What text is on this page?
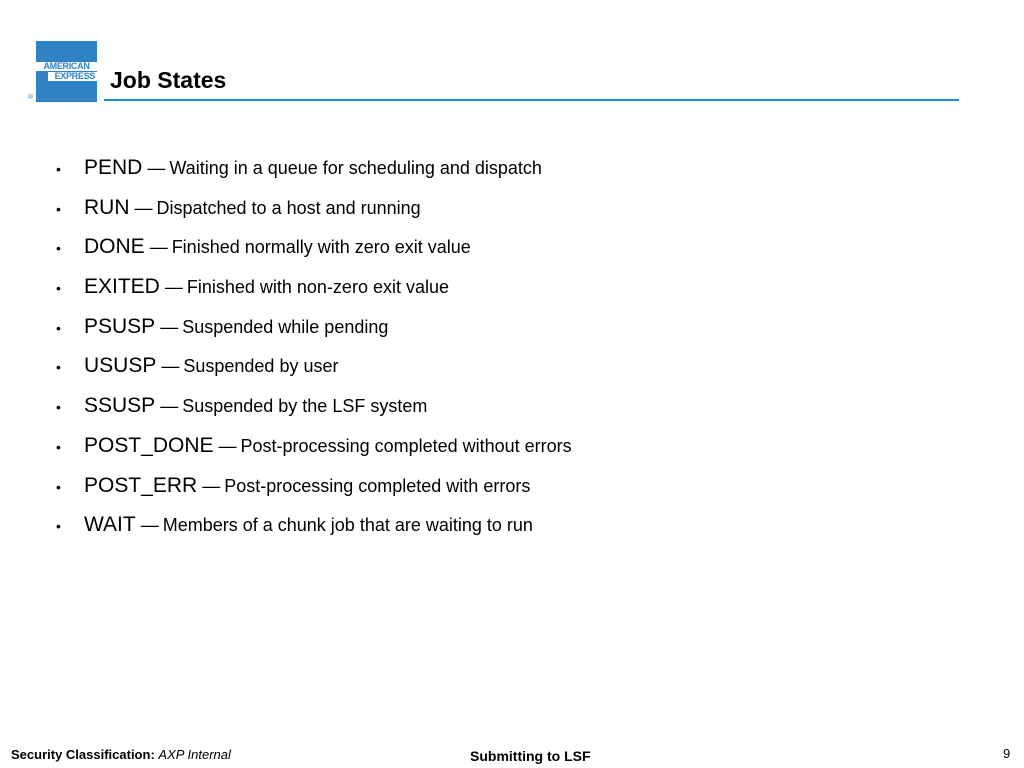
AMERICAN
EXPRESS
®
Job States
•	PEND — Waiting in a queue for scheduling and dispatch
•	RUN — Dispatched to a host and running
•	DONE — Finished normally with zero exit value
•	EXITED — Finished with non-zero exit value
•	PSUSP — Suspended while pending
•	USUSP — Suspended by user
•	SSUSP — Suspended by the LSF system
•	POST_DONE — Post-processing completed without errors
•	POST_ERR — Post-processing completed with errors
•	WAIT — Members of a chunk job that are waiting to run
Security Classification: AXP Internal	Submitting to LSF	9
